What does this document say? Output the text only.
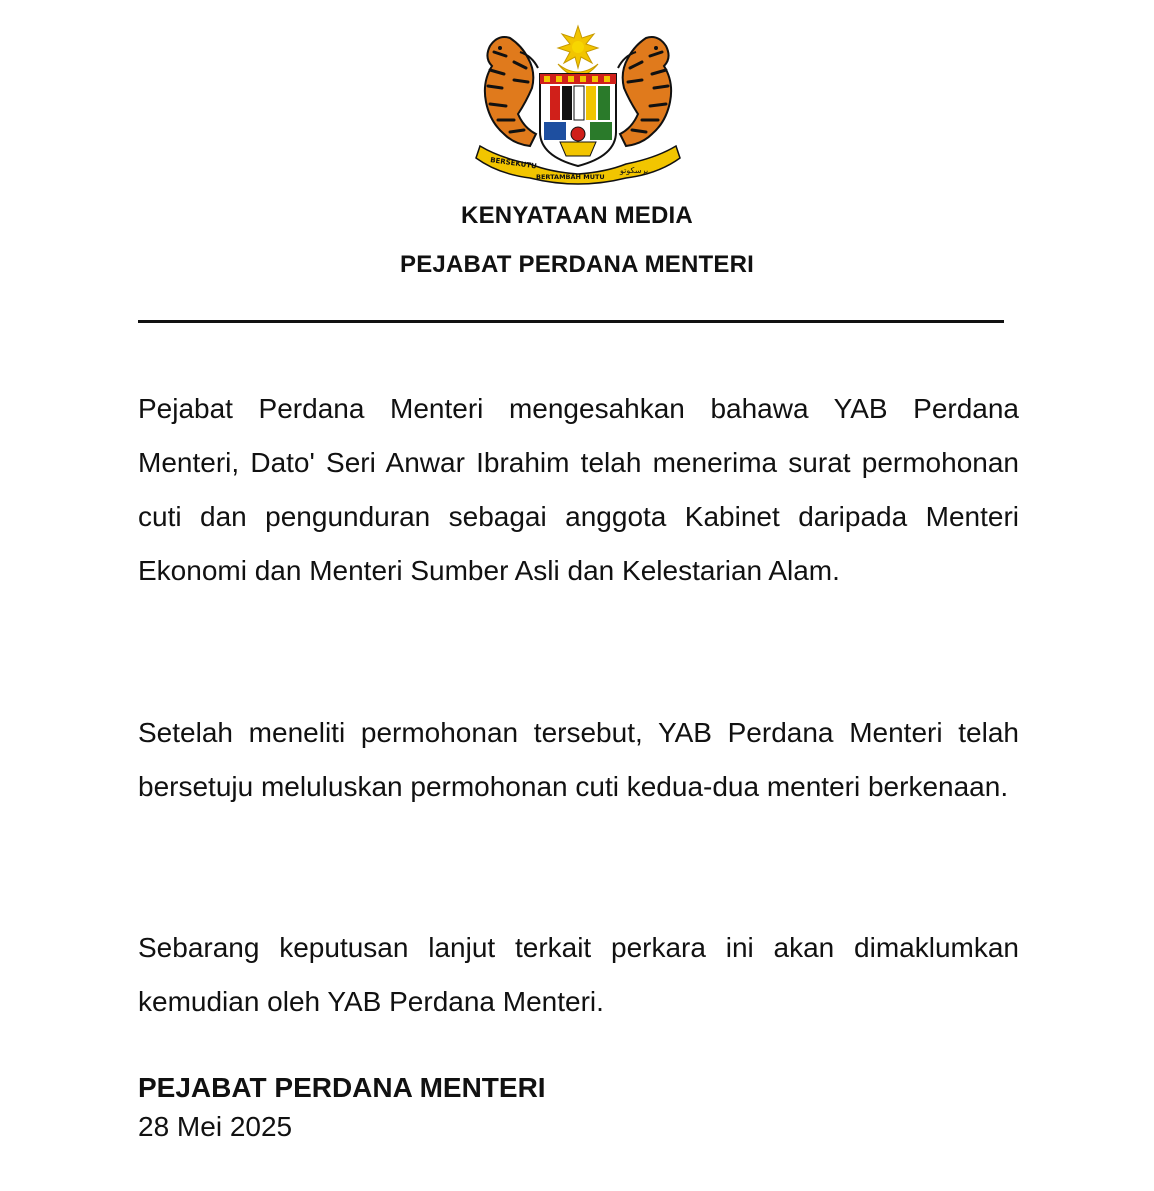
BERSEKUTU
BERTAMBAH MUTU
ﺑﺮﺳﻜﻮﺗﻮ
KENYATAAN MEDIA
PEJABAT PERDANA MENTERI

Pejabat Perdana Menteri mengesahkan bahawa YAB Perdana Menteri, Dato' Seri Anwar Ibrahim telah menerima surat permohonan cuti dan pengunduran sebagai anggota Kabinet daripada Menteri Ekonomi dan Menteri Sumber Asli dan Kelestarian Alam.

Setelah meneliti permohonan tersebut, YAB Perdana Menteri telah bersetuju meluluskan permohonan cuti kedua-dua menteri berkenaan.

Sebarang keputusan lanjut terkait perkara ini akan dimaklumkan kemudian oleh YAB Perdana Menteri.

PEJABAT PERDANA MENTERI
28 Mei 2025
